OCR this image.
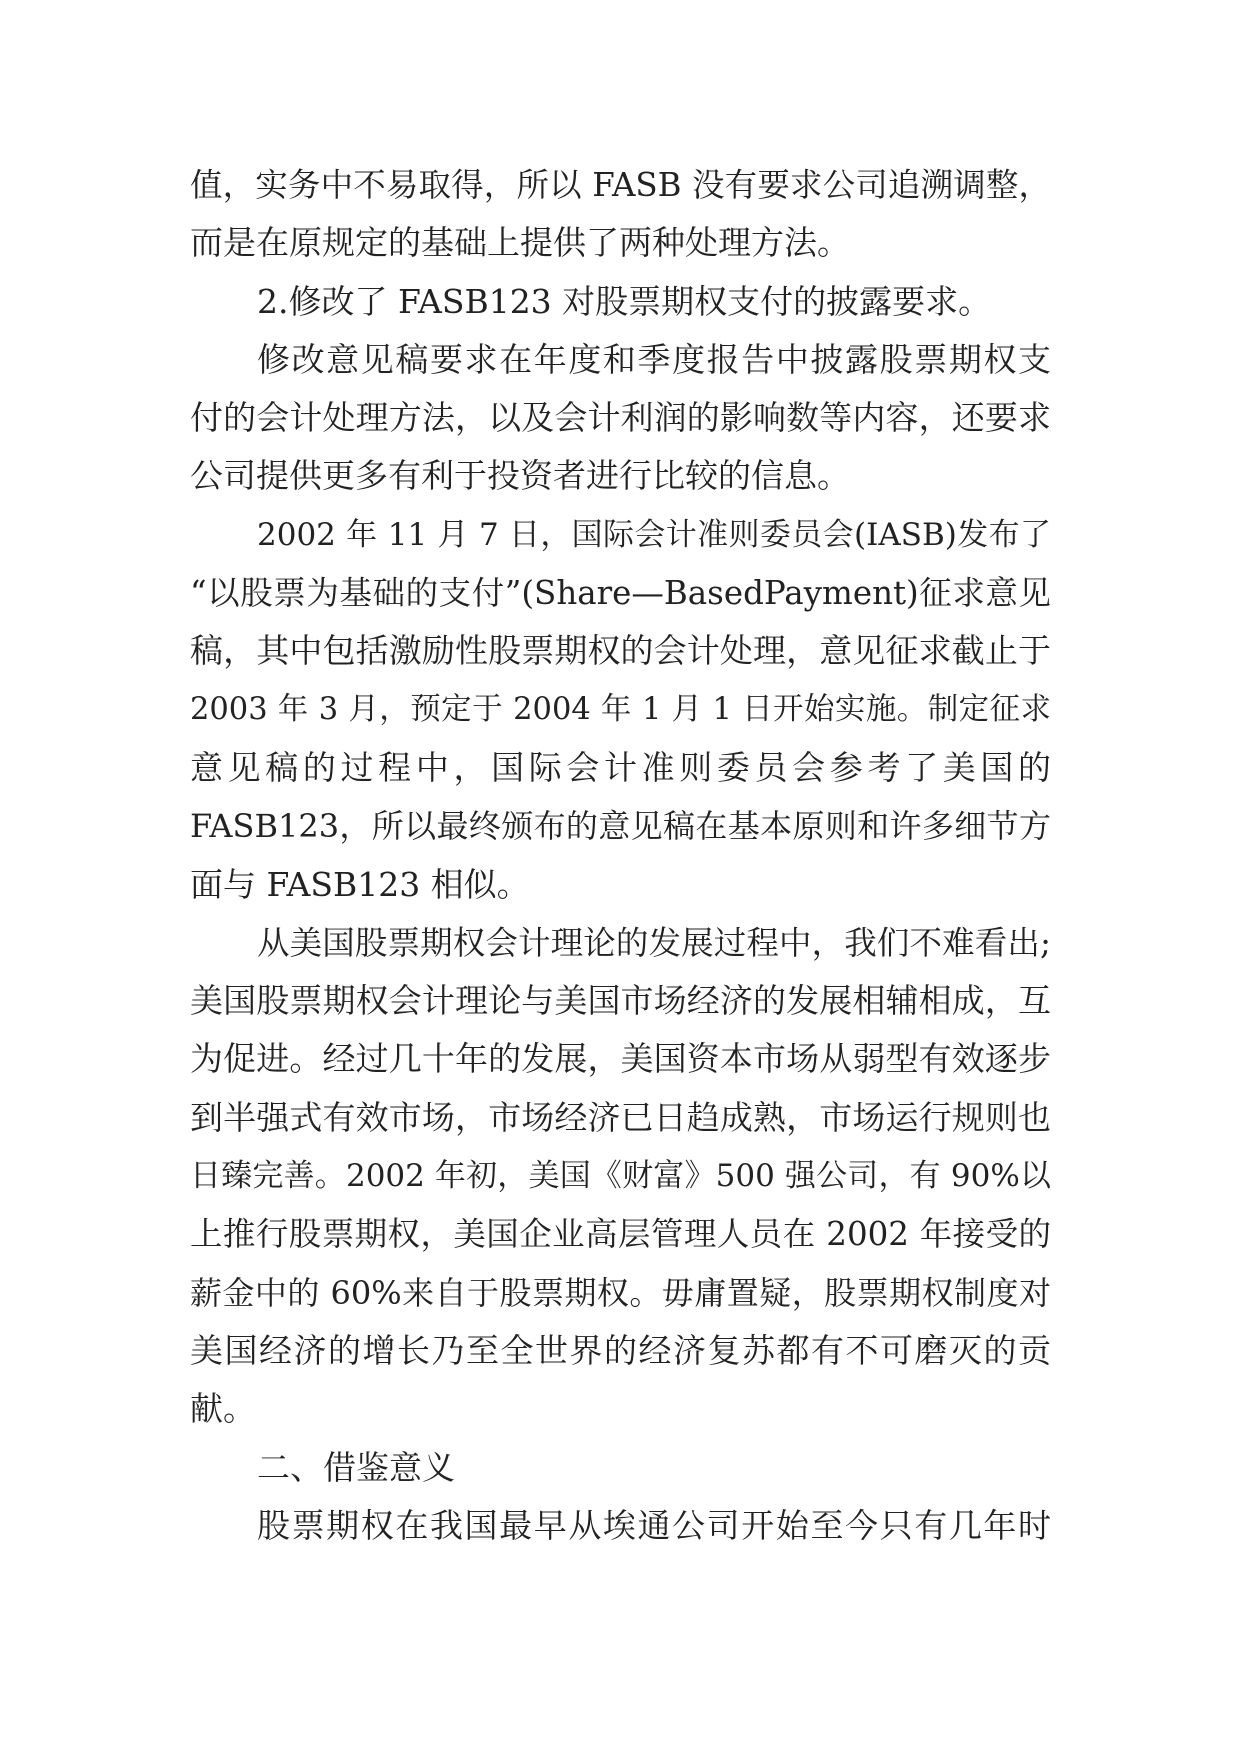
值，实务中不易取得，所以 FASB 没有要求公司追溯调整，
而是在原规定的基础上提供了两种处理方法。
2.修改了 FASB123 对股票期权支付的披露要求。
修改意见稿要求在年度和季度报告中披露股票期权支
付的会计处理方法，以及会计利润的影响数等内容，还要求
公司提供更多有利于投资者进行比较的信息。
2002 年 11 月 7 日，国际会计准则委员会(IASB)发布了
“以股票为基础的支付”(Share—BasedPayment)征求意见
稿，其中包括激励性股票期权的会计处理，意见征求截止于
2003 年 3 月，预定于 2004 年 1 月 1 日开始实施。制定征求
意见稿的过程中，国际会计准则委员会参考了美国的
FASB123，所以最终颁布的意见稿在基本原则和许多细节方
面与 FASB123 相似。
从美国股票期权会计理论的发展过程中，我们不难看出;
美国股票期权会计理论与美国市场经济的发展相辅相成，互
为促进。经过几十年的发展，美国资本市场从弱型有效逐步
到半强式有效市场，市场经济已日趋成熟，市场运行规则也
日臻完善。2002 年初，美国《财富》500 强公司，有 90%以
上推行股票期权，美国企业高层管理人员在 2002 年接受的
薪金中的 60%来自于股票期权。毋庸置疑，股票期权制度对
美国经济的增长乃至全世界的经济复苏都有不可磨灭的贡
献。
二、借鉴意义
股票期权在我国最早从埃通公司开始至今只有几年时
